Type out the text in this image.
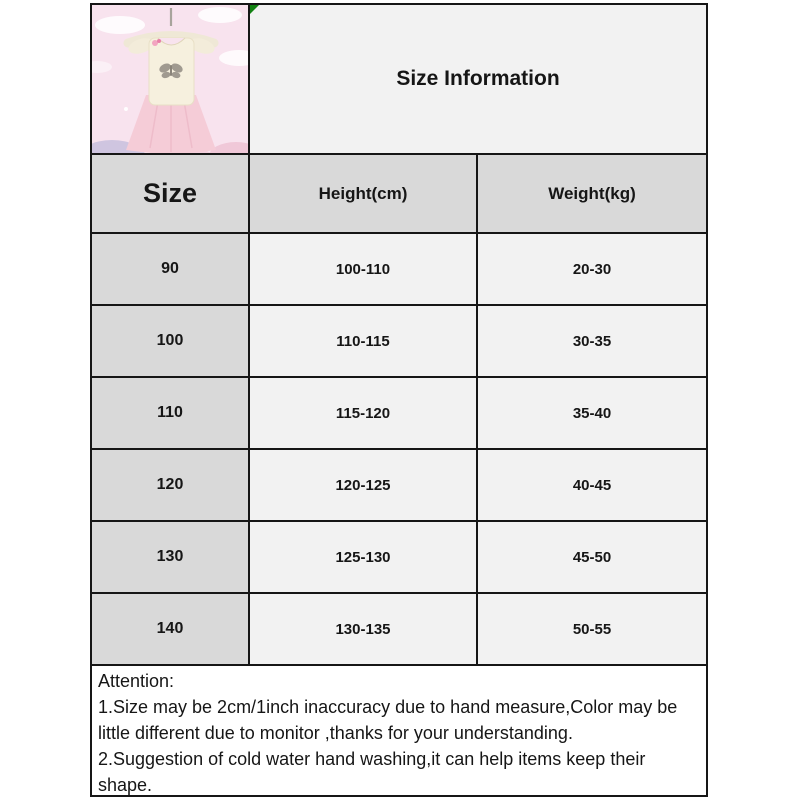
Size Information
Size	Height(cm)	Weight(kg)
90	100-110	20-30
100	110-115	30-35
110	115-120	35-40
120	120-125	40-45
130	125-130	45-50
140	130-135	50-55
Attention:
1.Size may be 2cm/1inch inaccuracy due to hand measure,Color may be little different due to monitor ,thanks for your understanding.
2.Suggestion of cold water hand washing,it can help items keep their shape.
